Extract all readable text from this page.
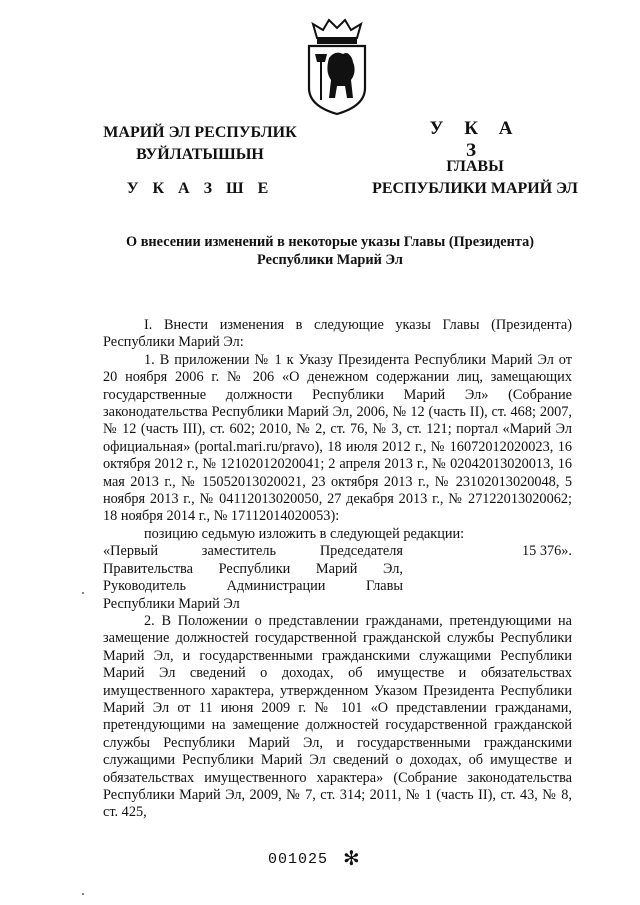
МАРИЙ ЭЛ РЕСПУБЛИК
ВУЙЛАТЫШЫН
У К А З Ш Е
У К А З
ГЛАВЫ
РЕСПУБЛИКИ МАРИЙ ЭЛ
О внесении изменений в некоторые указы Главы (Президента)
Республики Марий Эл

I. Внести изменения в следующие указы Главы (Президента) Республики Марий Эл:

1. В приложении № 1 к Указу Президента Республики Марий Эл от 20 ноября 2006 г. № 206 «О денежном содержании лиц, замещающих государственные должности Республики Марий Эл» (Собрание законодательства Республики Марий Эл, 2006, № 12 (часть II), ст. 468; 2007, № 12 (часть III), ст. 602; 2010, № 2, ст. 76, № 3, ст. 121; портал «Марий Эл официальная» (portal.mari.ru/pravo), 18 июля 2012 г., № 16072012020023, 16 октября 2012 г., № 12102012020041; 2 апреля 2013 г., № 02042013020013, 16 мая 2013 г., № 15052013020021, 23 октября 2013 г., № 23102013020048, 5 ноября 2013 г., № 04112013020050, 27 декабря 2013 г., № 27122013020062; 18 ноября 2014 г., № 17112014020053):

позицию седьмую изложить в следующей редакции:

«Первый заместитель Председателя
Правительства Республики Марий Эл,
Руководитель Администрации Главы
Республики Марий Эл
15 376».

2. В Положении о представлении гражданами, претендующими на замещение должностей государственной гражданской службы Республики Марий Эл, и государственными гражданскими служащими Республики Марий Эл сведений о доходах, об имуществе и обязательствах имущественного характера, утвержденном Указом Президента Республики Марий Эл от 11 июня 2009 г. № 101 «О представлении гражданами, претендующими на замещение должностей государственной гражданской службы Республики Марий Эл, и государственными гражданскими служащими Республики Марий Эл сведений о доходах, об имуществе и обязательствах имущественного характера» (Собрание законодательства Республики Марий Эл, 2009, № 7, ст. 314; 2011, № 1 (часть II), ст. 43, № 8, ст. 425,

001025 ✻
